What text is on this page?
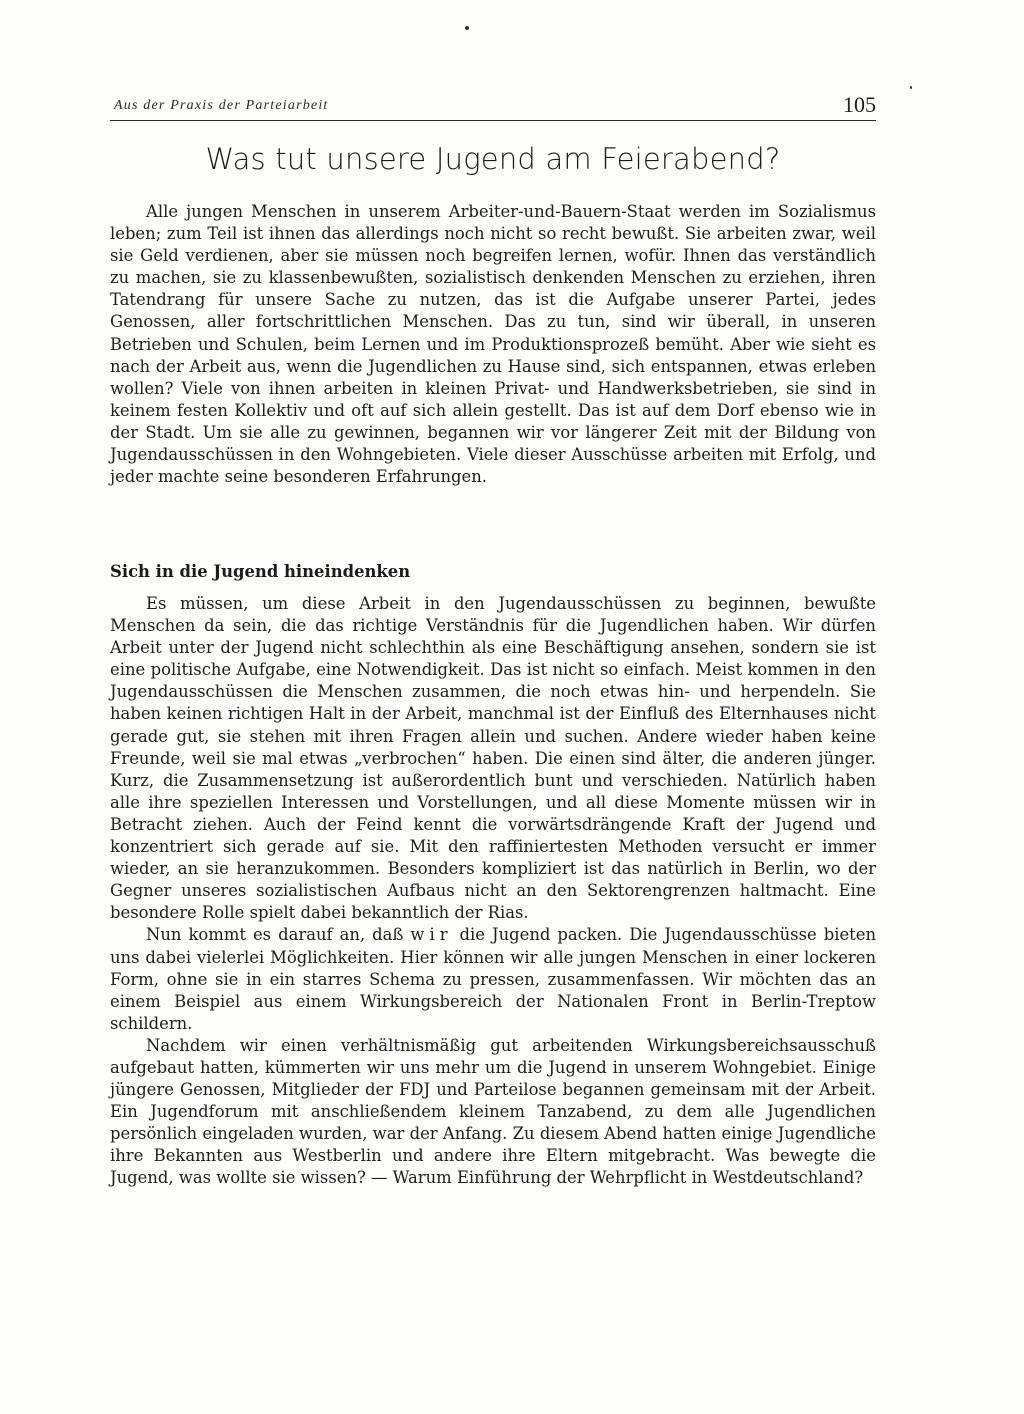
Aus der Praxis der Parteiarbeit	105
Was tut unsere Jugend am Feierabend?

Alle jungen Menschen in unserem Arbeiter-und-Bauern-Staat werden im Sozialismus leben; zum Teil ist ihnen das allerdings noch nicht so recht bewußt. Sie arbeiten zwar, weil sie Geld verdienen, aber sie müssen noch begreifen lernen, wofür. Ihnen das verständlich zu machen, sie zu klassenbewußten, sozialistisch denkenden Menschen zu erziehen, ihren Tatendrang für unsere Sache zu nutzen, das ist die Aufgabe unserer Partei, jedes Genossen, aller fortschrittlichen Menschen. Das zu tun, sind wir überall, in unseren Betrieben und Schulen, beim Lernen und im Produktionsprozeß bemüht. Aber wie sieht es nach der Arbeit aus, wenn die Jugendlichen zu Hause sind, sich entspannen, etwas erleben wollen? Viele von ihnen arbeiten in kleinen Privat- und Handwerksbetrieben, sie sind in keinem festen Kollektiv und oft auf sich allein gestellt. Das ist auf dem Dorf ebenso wie in der Stadt. Um sie alle zu gewinnen, begannen wir vor längerer Zeit mit der Bildung von Jugendausschüssen in den Wohngebieten. Viele dieser Ausschüsse arbeiten mit Erfolg, und jeder machte seine besonderen Erfahrungen.

Sich in die Jugend hineindenken

Es müssen, um diese Arbeit in den Jugendausschüssen zu beginnen, bewußte Menschen da sein, die das richtige Verständnis für die Jugendlichen haben. Wir dürfen Arbeit unter der Jugend nicht schlechthin als eine Beschäftigung ansehen, sondern sie ist eine politische Aufgabe, eine Notwendigkeit. Das ist nicht so einfach. Meist kommen in den Jugendausschüssen die Menschen zusammen, die noch etwas hin- und herpendeln. Sie haben keinen richtigen Halt in der Arbeit, manchmal ist der Einfluß des Elternhauses nicht gerade gut, sie stehen mit ihren Fragen allein und suchen. Andere wieder haben keine Freunde, weil sie mal etwas „verbrochen“ haben. Die einen sind älter, die anderen jünger. Kurz, die Zusammensetzung ist außerordentlich bunt und verschieden. Natürlich haben alle ihre speziellen Interessen und Vorstellungen, und all diese Momente müssen wir in Betracht ziehen. Auch der Feind kennt die vorwärtsdrängende Kraft der Jugend und konzentriert sich gerade auf sie. Mit den raffiniertesten Methoden versucht er immer wieder, an sie heranzukommen. Besonders kompliziert ist das natürlich in Berlin, wo der Gegner unseres sozialistischen Aufbaus nicht an den Sektorengrenzen haltmacht. Eine besondere Rolle spielt dabei bekanntlich der Rias.

Nun kommt es darauf an, daß wir die Jugend packen. Die Jugendausschüsse bieten uns dabei vielerlei Möglichkeiten. Hier können wir alle jungen Menschen in einer lockeren Form, ohne sie in ein starres Schema zu pressen, zusammenfassen. Wir möchten das an einem Beispiel aus einem Wirkungsbereich der Nationalen Front in Berlin-Treptow schildern.

Nachdem wir einen verhältnismäßig gut arbeitenden Wirkungsbereichsausschuß aufgebaut hatten, kümmerten wir uns mehr um die Jugend in unserem Wohngebiet. Einige jüngere Genossen, Mitglieder der FDJ und Parteilose begannen gemeinsam mit der Arbeit. Ein Jugendforum mit anschließendem kleinem Tanzabend, zu dem alle Jugendlichen persönlich eingeladen wurden, war der Anfang. Zu diesem Abend hatten einige Jugendliche ihre Bekannten aus Westberlin und andere ihre Eltern mitgebracht. Was bewegte die Jugend, was wollte sie wissen? — Warum Einführung der Wehrpflicht in Westdeutschland?
